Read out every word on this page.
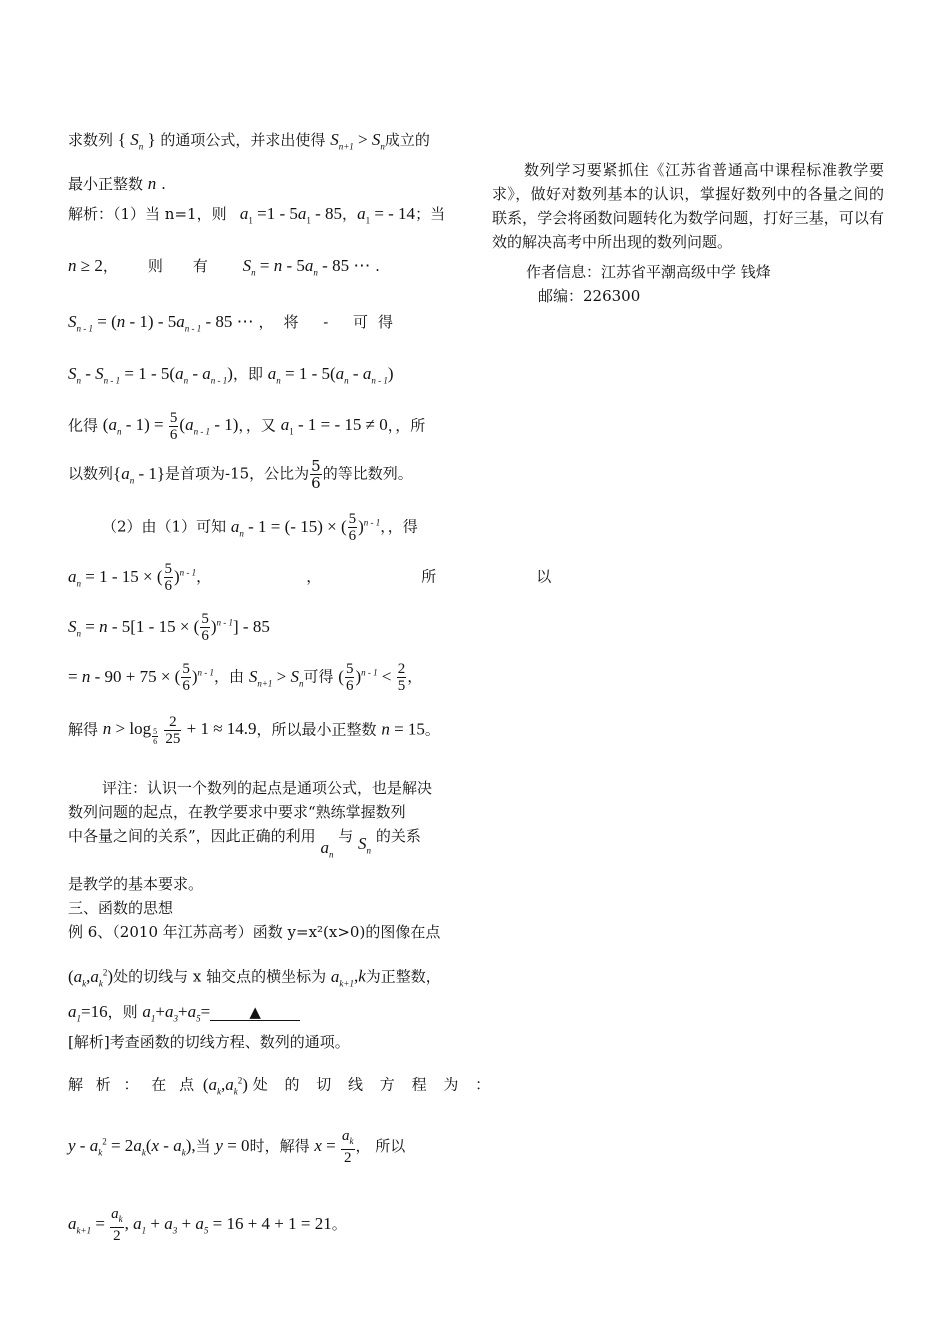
求数列 { $S_n$ } 的通项公式，并求出使得 $S_{n+1} > S_n$成立的
最小正整数 n .
解析：（1）当 n=1，则 $a_1 =1 - 5a_1 - 85$，$a_1$ = - 14；当
n ≥ 2，则有 $S_n = n - 5a_n - 85$ ⋯ .
$S_{n - 1} = (n - 1) - 5a_{n - 1} - 85$ ⋯ ，将 - 可得
$S_n - S_{n - 1} = 1 - 5(a_n - a_{n - 1})$，即 $a_n = 1 - 5(a_n - a_{n - 1})$
化得 $(a_n - 1) = \frac{5}{6} (a_{n - 1} - 1)$，，又 $a_1 - 1$ = - 15 ≠ 0，，所
以数列$\{a_n - 1\}$是首项为-15，公比为 $\frac{5}{6}$ 的等比数列。
（2）由（1）可知 $a_n - 1$ = (- 15) × ( $\frac{5}{6} )^{n - 1}$，，得
$a_n = 1 - 15$ × ( $\frac{5}{6} )^{n - 1}$，	，所以
$S_n = n - 5[1 - 15$ × ( $\frac{5}{6} )^{n - 1}] - 85$
= n - 90 + 75 × ( $\frac{5}{6} )^{n - 1}$，由 $S_{n+1} > S_n$可得 ( $\frac{5}{6} )^{n - 1} < \frac{2}{5}$ ，
解得 n > log $_{\frac{5}{6}}$
$\frac{2}{25} + 1 \approx 14.9$，所以最小正整数 n = 15。
评注：认识一个数列的起点是通项公式，也是解决
数列问题的起点，在教学要求中要求“熟练掌握数列
中各量之间的关系”，因此正确的利用 $a_n$ 与 $S_n$ 的关系
是教学的基本要求。
三、函数的思想
例 6、（2010 年江苏高考）函数 y=x²(x>0)的图像在点
$(a_k,a_k^2)$处的切线与 x 轴交点的横坐标为 $a_{k+1},k$为正整数，
$a_1=16$，则 $a_1+a_3+a_5=$	▲
[解析]考查函数的切线方程、数列的通项。
解 析 ： 在 点 $(a_k,a_k^2)$ 处 的 切 线 方 程 为 ：
$y - a_k^2 = 2a_k(x - a_k)$,当 y = 0时，解得 $x = \frac{a_k}{2}$ ， 所以
$a_{k+1} = \frac{a_k}{2}$ , $a_1 + a_3 + a_5 = 16 + 4 + 1 = 21$。
数列学习要紧抓住《江苏省普通高中课程标准教学要求》，做好对数列基本的认识，掌握好数列中的各量之间的联系，学会将函数问题转化为数学问题，打好三基，可以有效的解决高考中所出现的数列问题。
作者信息：江苏省平潮高级中学 钱烽
邮编：226300
